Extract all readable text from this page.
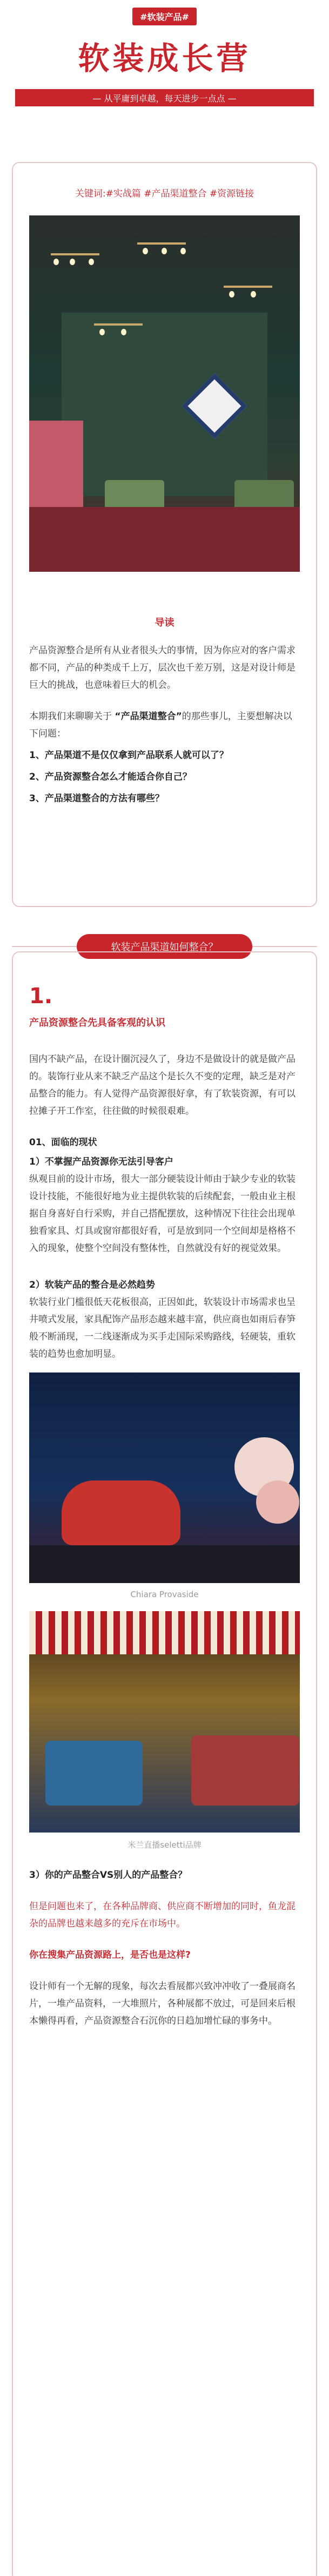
#软装产品#
软装成长营
— 从平庸到卓越，每天进步一点点 —
关键词:#实战篇 #产品渠道整合 #资源链接
导读

产品资源整合是所有从业者很头大的事情，因为你应对的客户需求都不同，产品的种类成千上万，层次也千差万别，这是对设计师是巨大的挑战，也意味着巨大的机会。

本期我们来聊聊关于 “产品渠道整合”的那些事儿，主要想解决以下问题：

1、产品渠道不是仅仅拿到产品联系人就可以了？
2、产品资源整合怎么才能适合你自己？
3、产品渠道整合的方法有哪些？
软装产品渠道如何整合？
1.
产品资源整合先具备客观的认识

国内不缺产品，在设计圈沉浸久了，身边不是做设计的就是做产品的。装饰行业从来不缺乏产品这个是长久不变的定理，缺乏是对产品整合的能力。有人觉得产品资源很好拿，有了软装资源，有可以拉摊子开工作室，往往做的时候很艰难。

01、面临的现状

1）不掌握产品资源你无法引导客户

纵观目前的设计市场，很大一部分硬装设计师由于缺少专业的软装设计技能，不能很好地为业主提供软装的后续配套，一般由业主根据自身喜好自行采购，并自己搭配摆放，这种情况下往往会出现单独看家具、灯具或窗帘都很好看，可是放到同一个空间却是格格不入的现象，使整个空间没有整体性，自然就没有好的视觉效果。

2）软装产品的整合是必然趋势

软装行业门槛很低天花板很高，正因如此，软装设计市场需求也呈井喷式发展，家具配饰产品形态越来越丰富，供应商也如雨后春笋般不断涌现，一二线逐渐成为买手走国际采购路线，轻硬装，重软装的趋势也愈加明显。

Chiara Provaside
米兰直播seletti品牌

3）你的产品整合VS别人的产品整合？

但是问题也来了，在各种品牌商、供应商不断增加的同时，鱼龙混杂的品牌也越来越多的充斥在市场中。

你在搜集产品资源路上，是否也是这样?

设计师有一个无解的现象，每次去看展都兴致冲冲收了一叠展商名片，一堆产品资料，一大堆照片，各种展都不放过，可是回来后根本懒得再看，产品资源整合石沉你的日趋加增忙碌的事务中。
